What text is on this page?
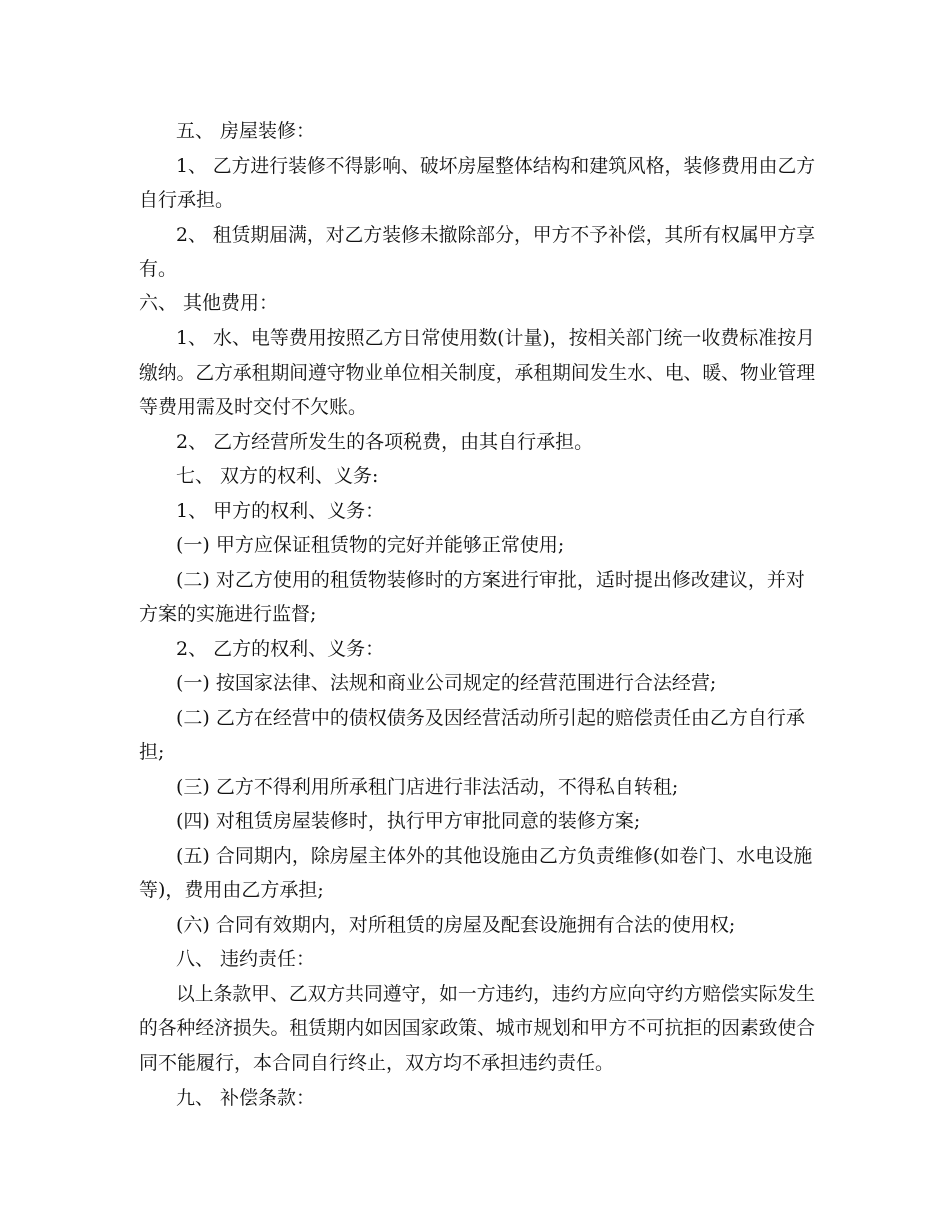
五、 房屋装修：
1、 乙方进行装修不得影响、破坏房屋整体结构和建筑风格，装修费用由乙方
自行承担。
2、 租赁期届满，对乙方装修未撤除部分，甲方不予补偿，其所有权属甲方享
有。
六、 其他费用：
1、 水、电等费用按照乙方日常使用数(计量)，按相关部门统一收费标准按月
缴纳。乙方承租期间遵守物业单位相关制度，承租期间发生水、电、暖、物业管理
等费用需及时交付不欠账。
2、 乙方经营所发生的各项税费，由其自行承担。
七、 双方的权利、义务:
1、 甲方的权利、义务：
(一) 甲方应保证租赁物的完好并能够正常使用;
(二) 对乙方使用的租赁物装修时的方案进行审批，适时提出修改建议，并对
方案的实施进行监督;
2、 乙方的权利、义务：
(一) 按国家法律、法规和商业公司规定的经营范围进行合法经营;
(二) 乙方在经营中的债权债务及因经营活动所引起的赔偿责任由乙方自行承
担;
(三) 乙方不得利用所承租门店进行非法活动，不得私自转租;
(四) 对租赁房屋装修时，执行甲方审批同意的装修方案;
(五) 合同期内，除房屋主体外的其他设施由乙方负责维修(如卷门、水电设施
等)，费用由乙方承担;
(六) 合同有效期内，对所租赁的房屋及配套设施拥有合法的使用权;
八、 违约责任：
以上条款甲、乙双方共同遵守，如一方违约，违约方应向守约方赔偿实际发生
的各种经济损失。租赁期内如因国家政策、城市规划和甲方不可抗拒的因素致使合
同不能履行，本合同自行终止，双方均不承担违约责任。
九、 补偿条款：
